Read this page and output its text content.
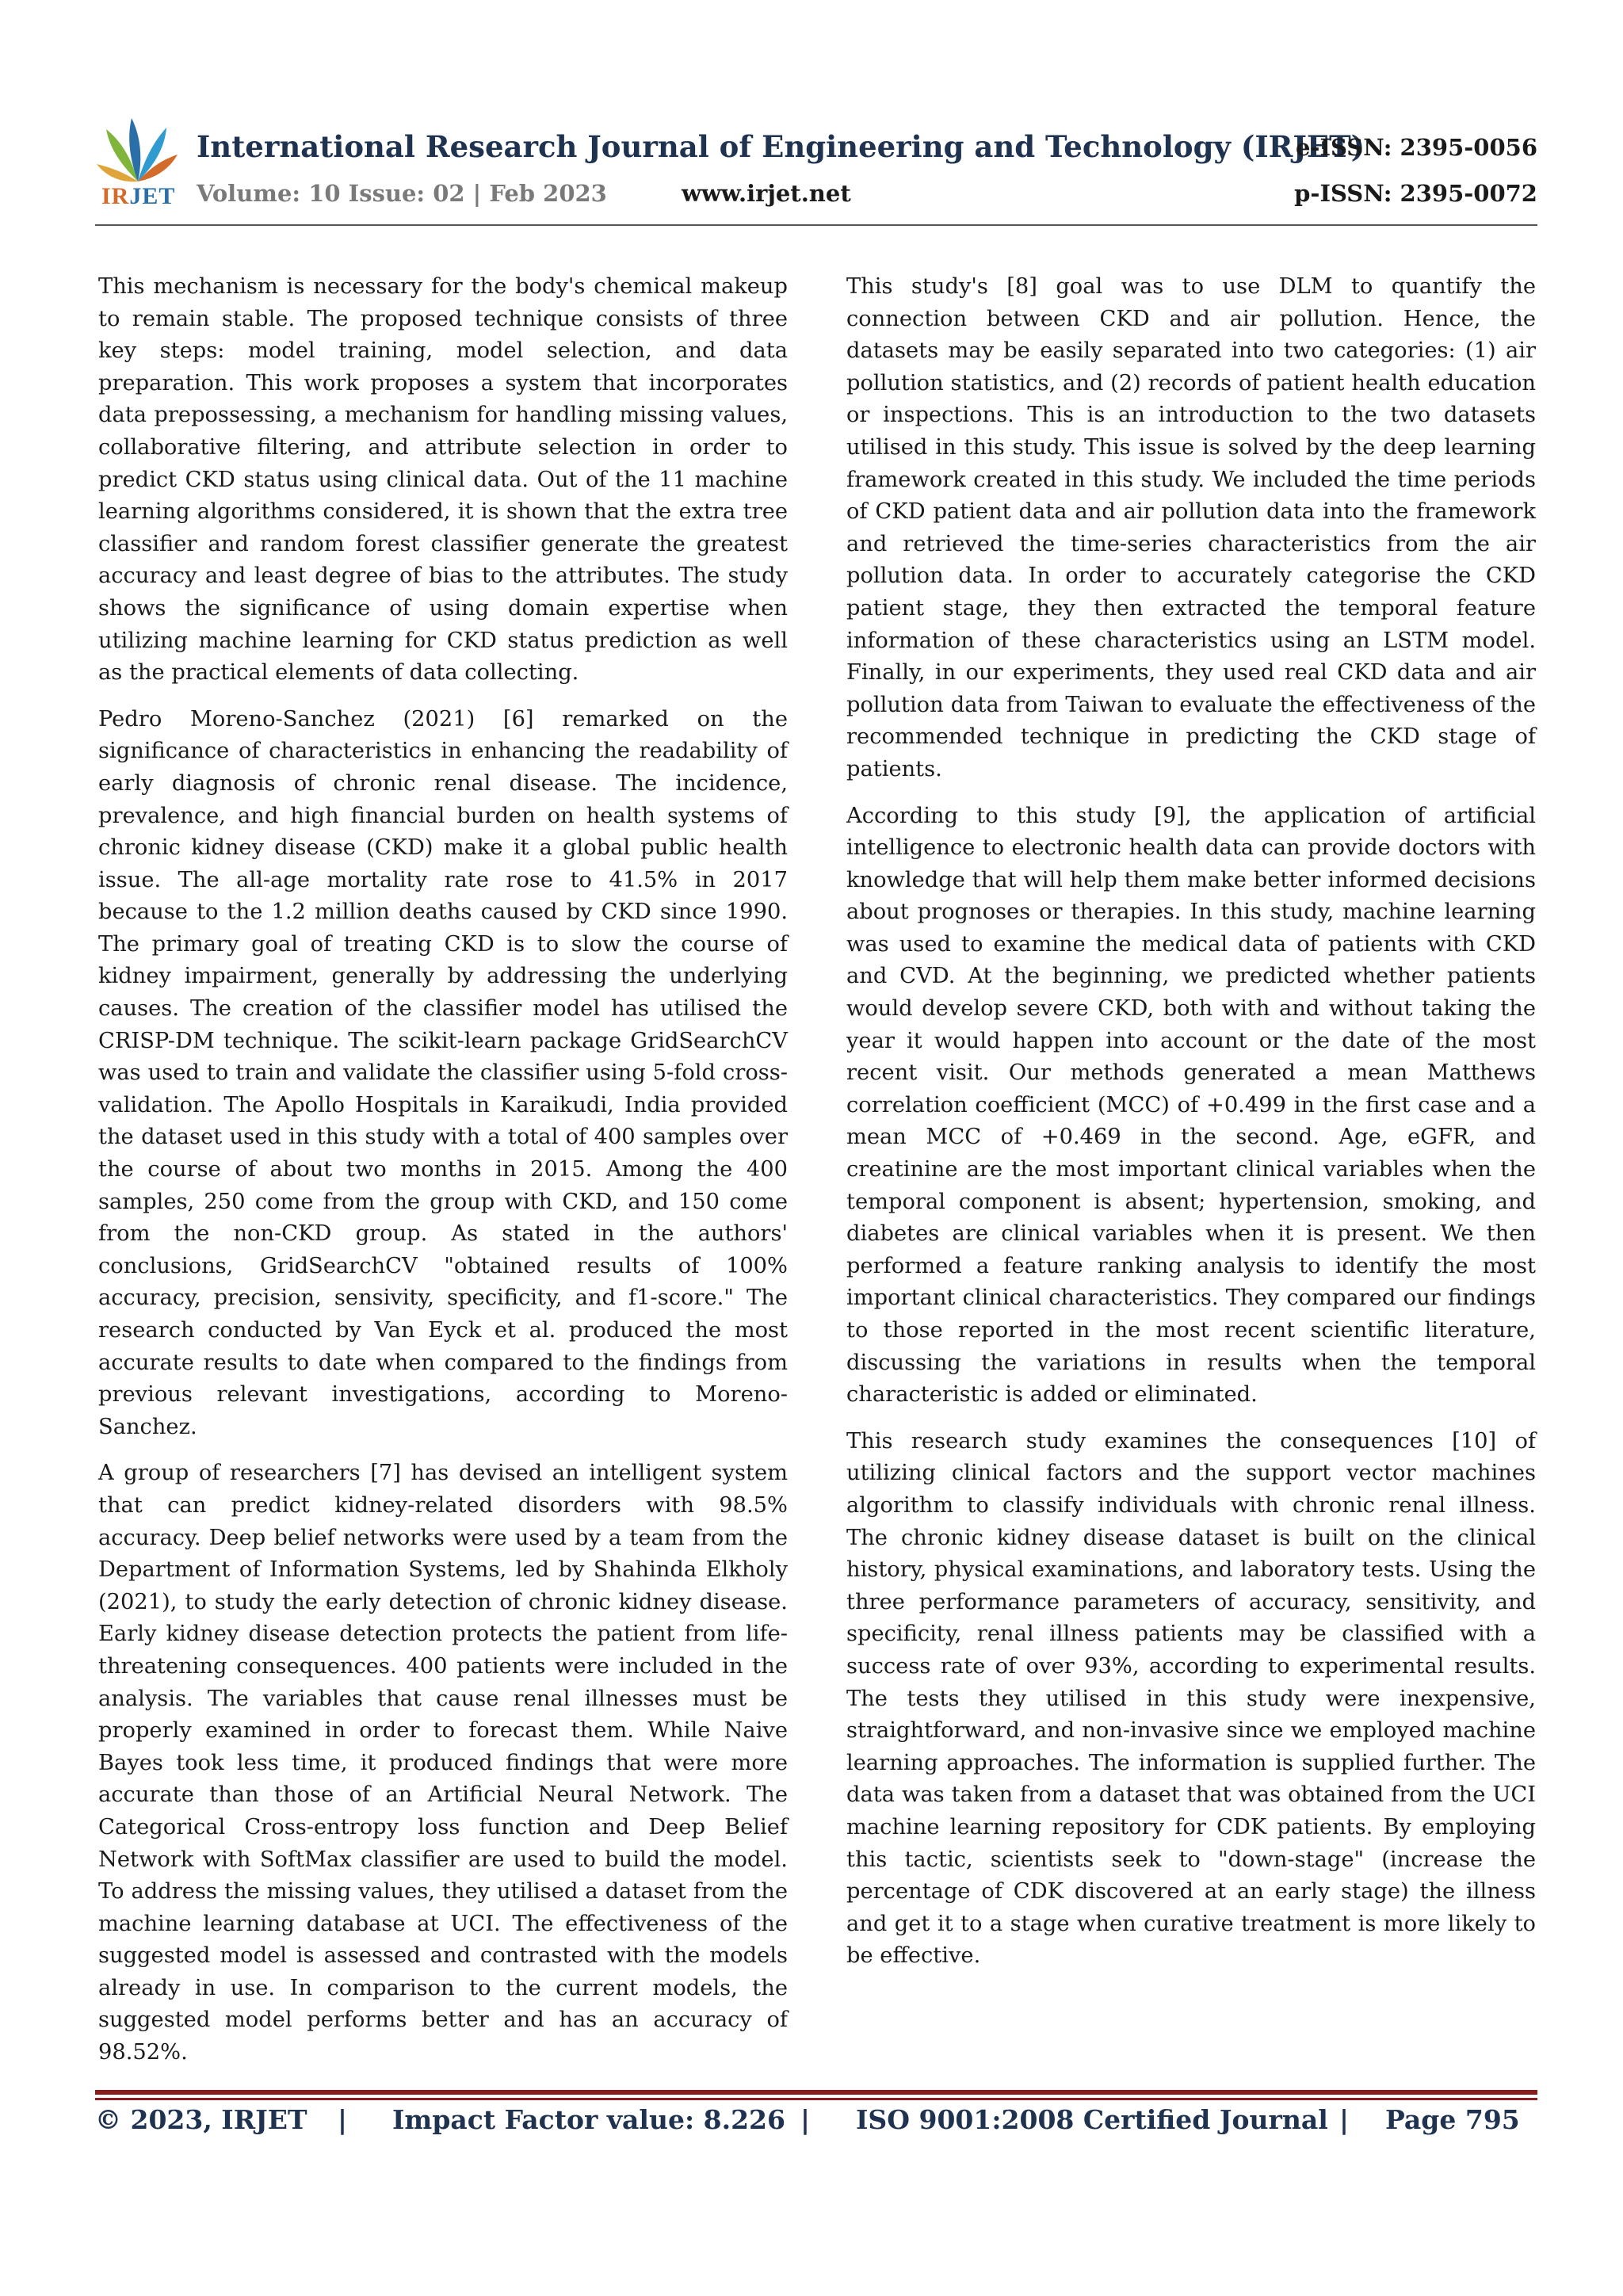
IRJET
International Research Journal of Engineering and Technology (IRJET)
Volume: 10 Issue: 02 | Feb 2023	www.irjet.net
e-ISSN: 2395-0056
p-ISSN: 2395-0072

This mechanism is necessary for the body's chemical makeup to remain stable. The proposed technique consists of three key steps: model training, model selection, and data preparation. This work proposes a system that incorporates data prepossessing, a mechanism for handling missing values, collaborative filtering, and attribute selection in order to predict CKD status using clinical data. Out of the 11 machine learning algorithms considered, it is shown that the extra tree classifier and random forest classifier generate the greatest accuracy and least degree of bias to the attributes. The study shows the significance of using domain expertise when utilizing machine learning for CKD status prediction as well as the practical elements of data collecting.

Pedro Moreno-Sanchez (2021) [6] remarked on the significance of characteristics in enhancing the readability of early diagnosis of chronic renal disease. The incidence, prevalence, and high financial burden on health systems of chronic kidney disease (CKD) make it a global public health issue. The all-age mortality rate rose to 41.5% in 2017 because to the 1.2 million deaths caused by CKD since 1990. The primary goal of treating CKD is to slow the course of kidney impairment, generally by addressing the underlying causes. The creation of the classifier model has utilised the CRISP-DM technique. The scikit-learn package GridSearchCV was used to train and validate the classifier using 5-fold cross-validation. The Apollo Hospitals in Karaikudi, India provided the dataset used in this study with a total of 400 samples over the course of about two months in 2015. Among the 400 samples, 250 come from the group with CKD, and 150 come from the non-CKD group. As stated in the authors' conclusions, GridSearchCV "obtained results of 100% accuracy, precision, sensivity, specificity, and f1-score." The research conducted by Van Eyck et al. produced the most accurate results to date when compared to the findings from previous relevant investigations, according to Moreno-Sanchez.

A group of researchers [7] has devised an intelligent system that can predict kidney-related disorders with 98.5% accuracy. Deep belief networks were used by a team from the Department of Information Systems, led by Shahinda Elkholy (2021), to study the early detection of chronic kidney disease. Early kidney disease detection protects the patient from life-threatening consequences. 400 patients were included in the analysis. The variables that cause renal illnesses must be properly examined in order to forecast them. While Naive Bayes took less time, it produced findings that were more accurate than those of an Artificial Neural Network. The Categorical Cross-entropy loss function and Deep Belief Network with SoftMax classifier are used to build the model. To address the missing values, they utilised a dataset from the machine learning database at UCI. The effectiveness of the suggested model is assessed and contrasted with the models already in use. In comparison to the current models, the suggested model performs better and has an accuracy of 98.52%.

This study's [8] goal was to use DLM to quantify the connection between CKD and air pollution. Hence, the datasets may be easily separated into two categories: (1) air pollution statistics, and (2) records of patient health education or inspections. This is an introduction to the two datasets utilised in this study. This issue is solved by the deep learning framework created in this study. We included the time periods of CKD patient data and air pollution data into the framework and retrieved the time-series characteristics from the air pollution data. In order to accurately categorise the CKD patient stage, they then extracted the temporal feature information of these characteristics using an LSTM model. Finally, in our experiments, they used real CKD data and air pollution data from Taiwan to evaluate the effectiveness of the recommended technique in predicting the CKD stage of patients.

According to this study [9], the application of artificial intelligence to electronic health data can provide doctors with knowledge that will help them make better informed decisions about prognoses or therapies. In this study, machine learning was used to examine the medical data of patients with CKD and CVD. At the beginning, we predicted whether patients would develop severe CKD, both with and without taking the year it would happen into account or the date of the most recent visit. Our methods generated a mean Matthews correlation coefficient (MCC) of +0.499 in the first case and a mean MCC of +0.469 in the second. Age, eGFR, and creatinine are the most important clinical variables when the temporal component is absent; hypertension, smoking, and diabetes are clinical variables when it is present. We then performed a feature ranking analysis to identify the most important clinical characteristics. They compared our findings to those reported in the most recent scientific literature, discussing the variations in results when the temporal characteristic is added or eliminated.

This research study examines the consequences [10] of utilizing clinical factors and the support vector machines algorithm to classify individuals with chronic renal illness. The chronic kidney disease dataset is built on the clinical history, physical examinations, and laboratory tests. Using the three performance parameters of accuracy, sensitivity, and specificity, renal illness patients may be classified with a success rate of over 93%, according to experimental results. The tests they utilised in this study were inexpensive, straightforward, and non-invasive since we employed machine learning approaches. The information is supplied further. The data was taken from a dataset that was obtained from the UCI machine learning repository for CDK patients. By employing this tactic, scientists seek to "down-stage" (increase the percentage of CDK discovered at an early stage) the illness and get it to a stage when curative treatment is more likely to be effective.

© 2023, IRJET | Impact Factor value: 8.226 | ISO 9001:2008 Certified Journal | Page 795
